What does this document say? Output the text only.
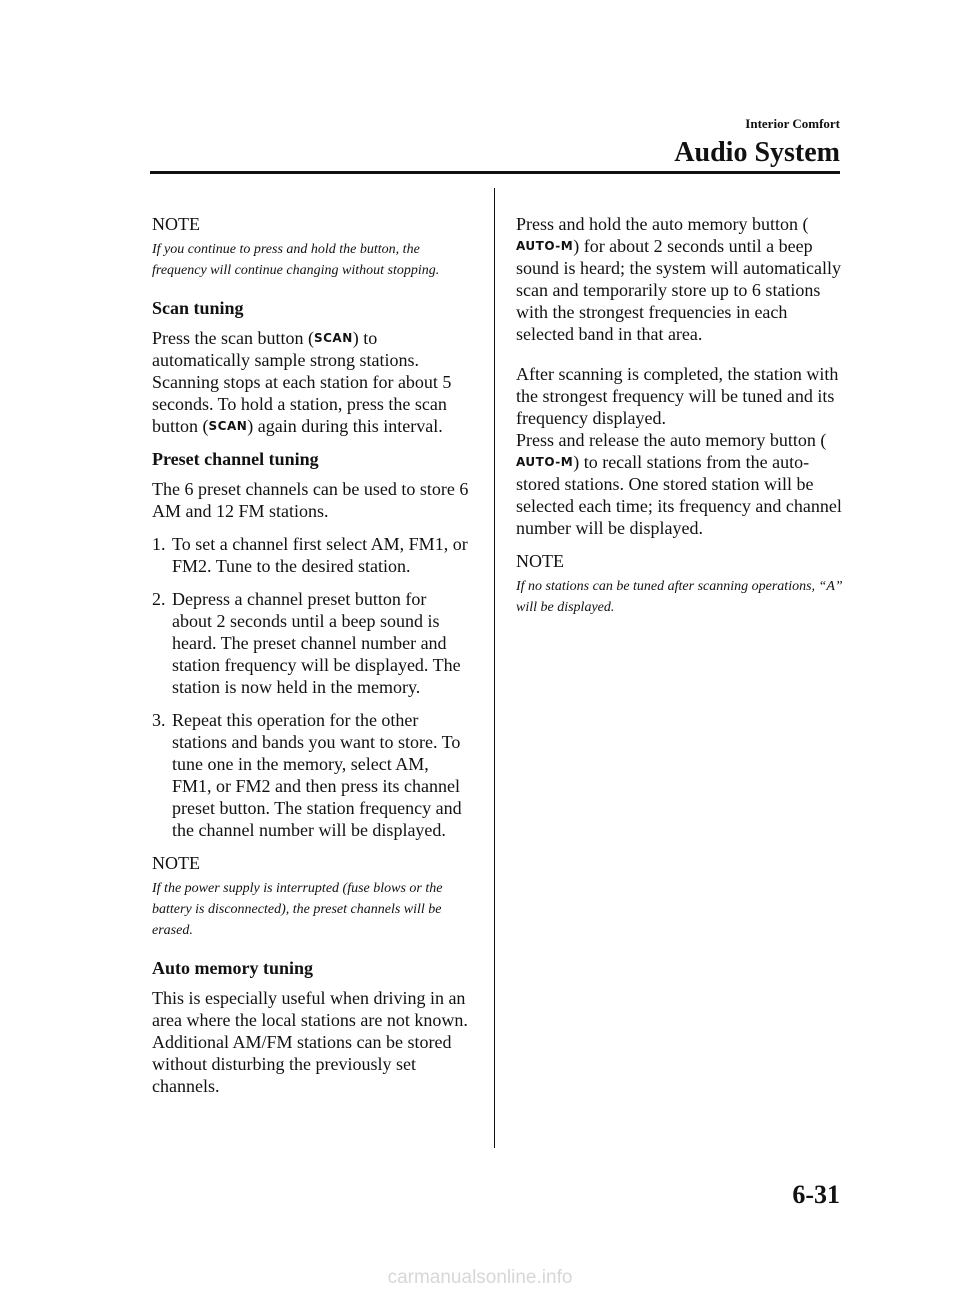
Interior Comfort
Audio System
NOTE
If you continue to press and hold the button, the frequency will continue changing without stopping.
Scan tuning

Press the scan button (SCAN) to automatically sample strong stations. Scanning stops at each station for about 5 seconds. To hold a station, press the scan button (SCAN) again during this interval.

Preset channel tuning

The 6 preset channels can be used to store 6 AM and 12 FM stations.

1. To set a channel first select AM, FM1, or FM2. Tune to the desired station.
2. Depress a channel preset button for about 2 seconds until a beep sound is heard. The preset channel number and station frequency will be displayed. The station is now held in the memory.
3. Repeat this operation for the other stations and bands you want to store. To tune one in the memory, select AM, FM1, or FM2 and then press its channel preset button. The station frequency and the channel number will be displayed.
NOTE
If the power supply is interrupted (fuse blows or the battery is disconnected), the preset channels will be erased.
Auto memory tuning

This is especially useful when driving in an area where the local stations are not known. Additional AM/FM stations can be stored without disturbing the previously set channels.

Press and hold the auto memory button (AUTO-M) for about 2 seconds until a beep sound is heard; the system will automatically scan and temporarily store up to 6 stations with the strongest frequencies in each selected band in that area.

After scanning is completed, the station with the strongest frequency will be tuned and its frequency displayed.

Press and release the auto memory button (AUTO-M) to recall stations from the auto-stored stations. One stored station will be selected each time; its frequency and channel number will be displayed.

NOTE
If no stations can be tuned after scanning operations, “A” will be displayed.
6-31
carmanualsonline.info
